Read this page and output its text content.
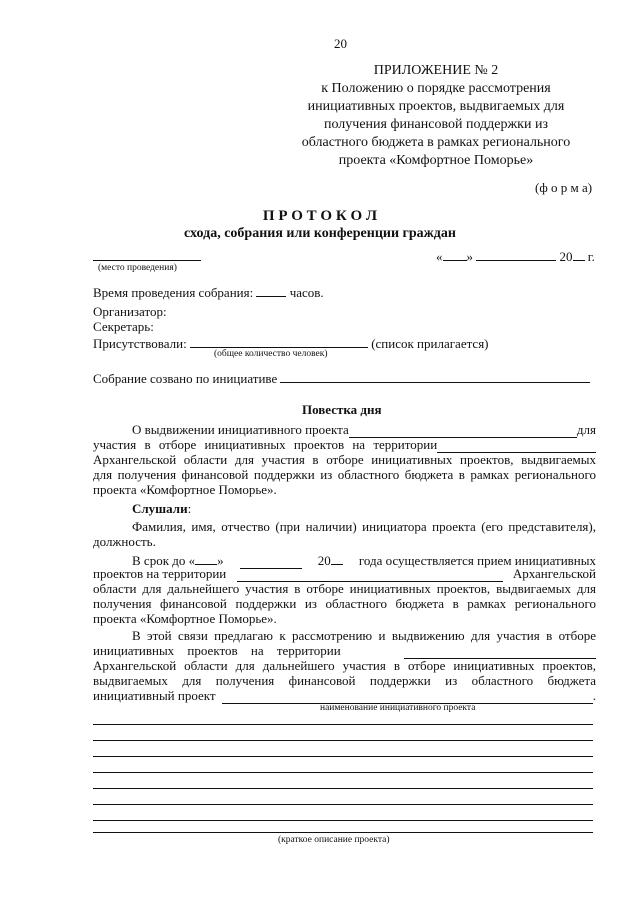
20
ПРИЛОЖЕНИЕ № 2
к Положению о порядке рассмотрения
инициативных проектов, выдвигаемых для
получения финансовой поддержки из
областного бюджета в рамках регионального
проекта «Комфортное Поморье»
(ф о р м а)
П Р О Т О К О Л
схода, собрания или конференции граждан
(место проведения)
« »	20 г.
Время проведения собрания:	часов.
Организатор:
Секретарь:
Присутствовали:	(список прилагается)
(общее количество человек)
Собрание созвано по инициативе
Повестка дня
О выдвижении инициативного проекта	для
участия в отборе инициативных проектов на территории
Архангельской области для участия в отборе инициативных проектов, выдвигаемых
для получения финансовой поддержки из областного бюджета в рамках регионального
проекта «Комфортное Поморье».
Слушали:
Фамилия, имя, отчество (при наличии) инициатора проекта (его представителя),
должность.
В срок до « »	20	года осуществляется прием инициативных
проектов на территории	Архангельской
области для дальнейшего участия в отборе инициативных проектов, выдвигаемых для
получения финансовой поддержки из областного бюджета в рамках регионального
проекта «Комфортное Поморье».
В этой связи предлагаю к рассмотрению и выдвижению для участия в отборе
инициативных проектов на территории
Архангельской области для дальнейшего участия в отборе инициативных проектов,
выдвигаемых для получения финансовой поддержки из областного бюджета
инициативный проект	.
наименование инициативного проекта
(краткое описание проекта)
